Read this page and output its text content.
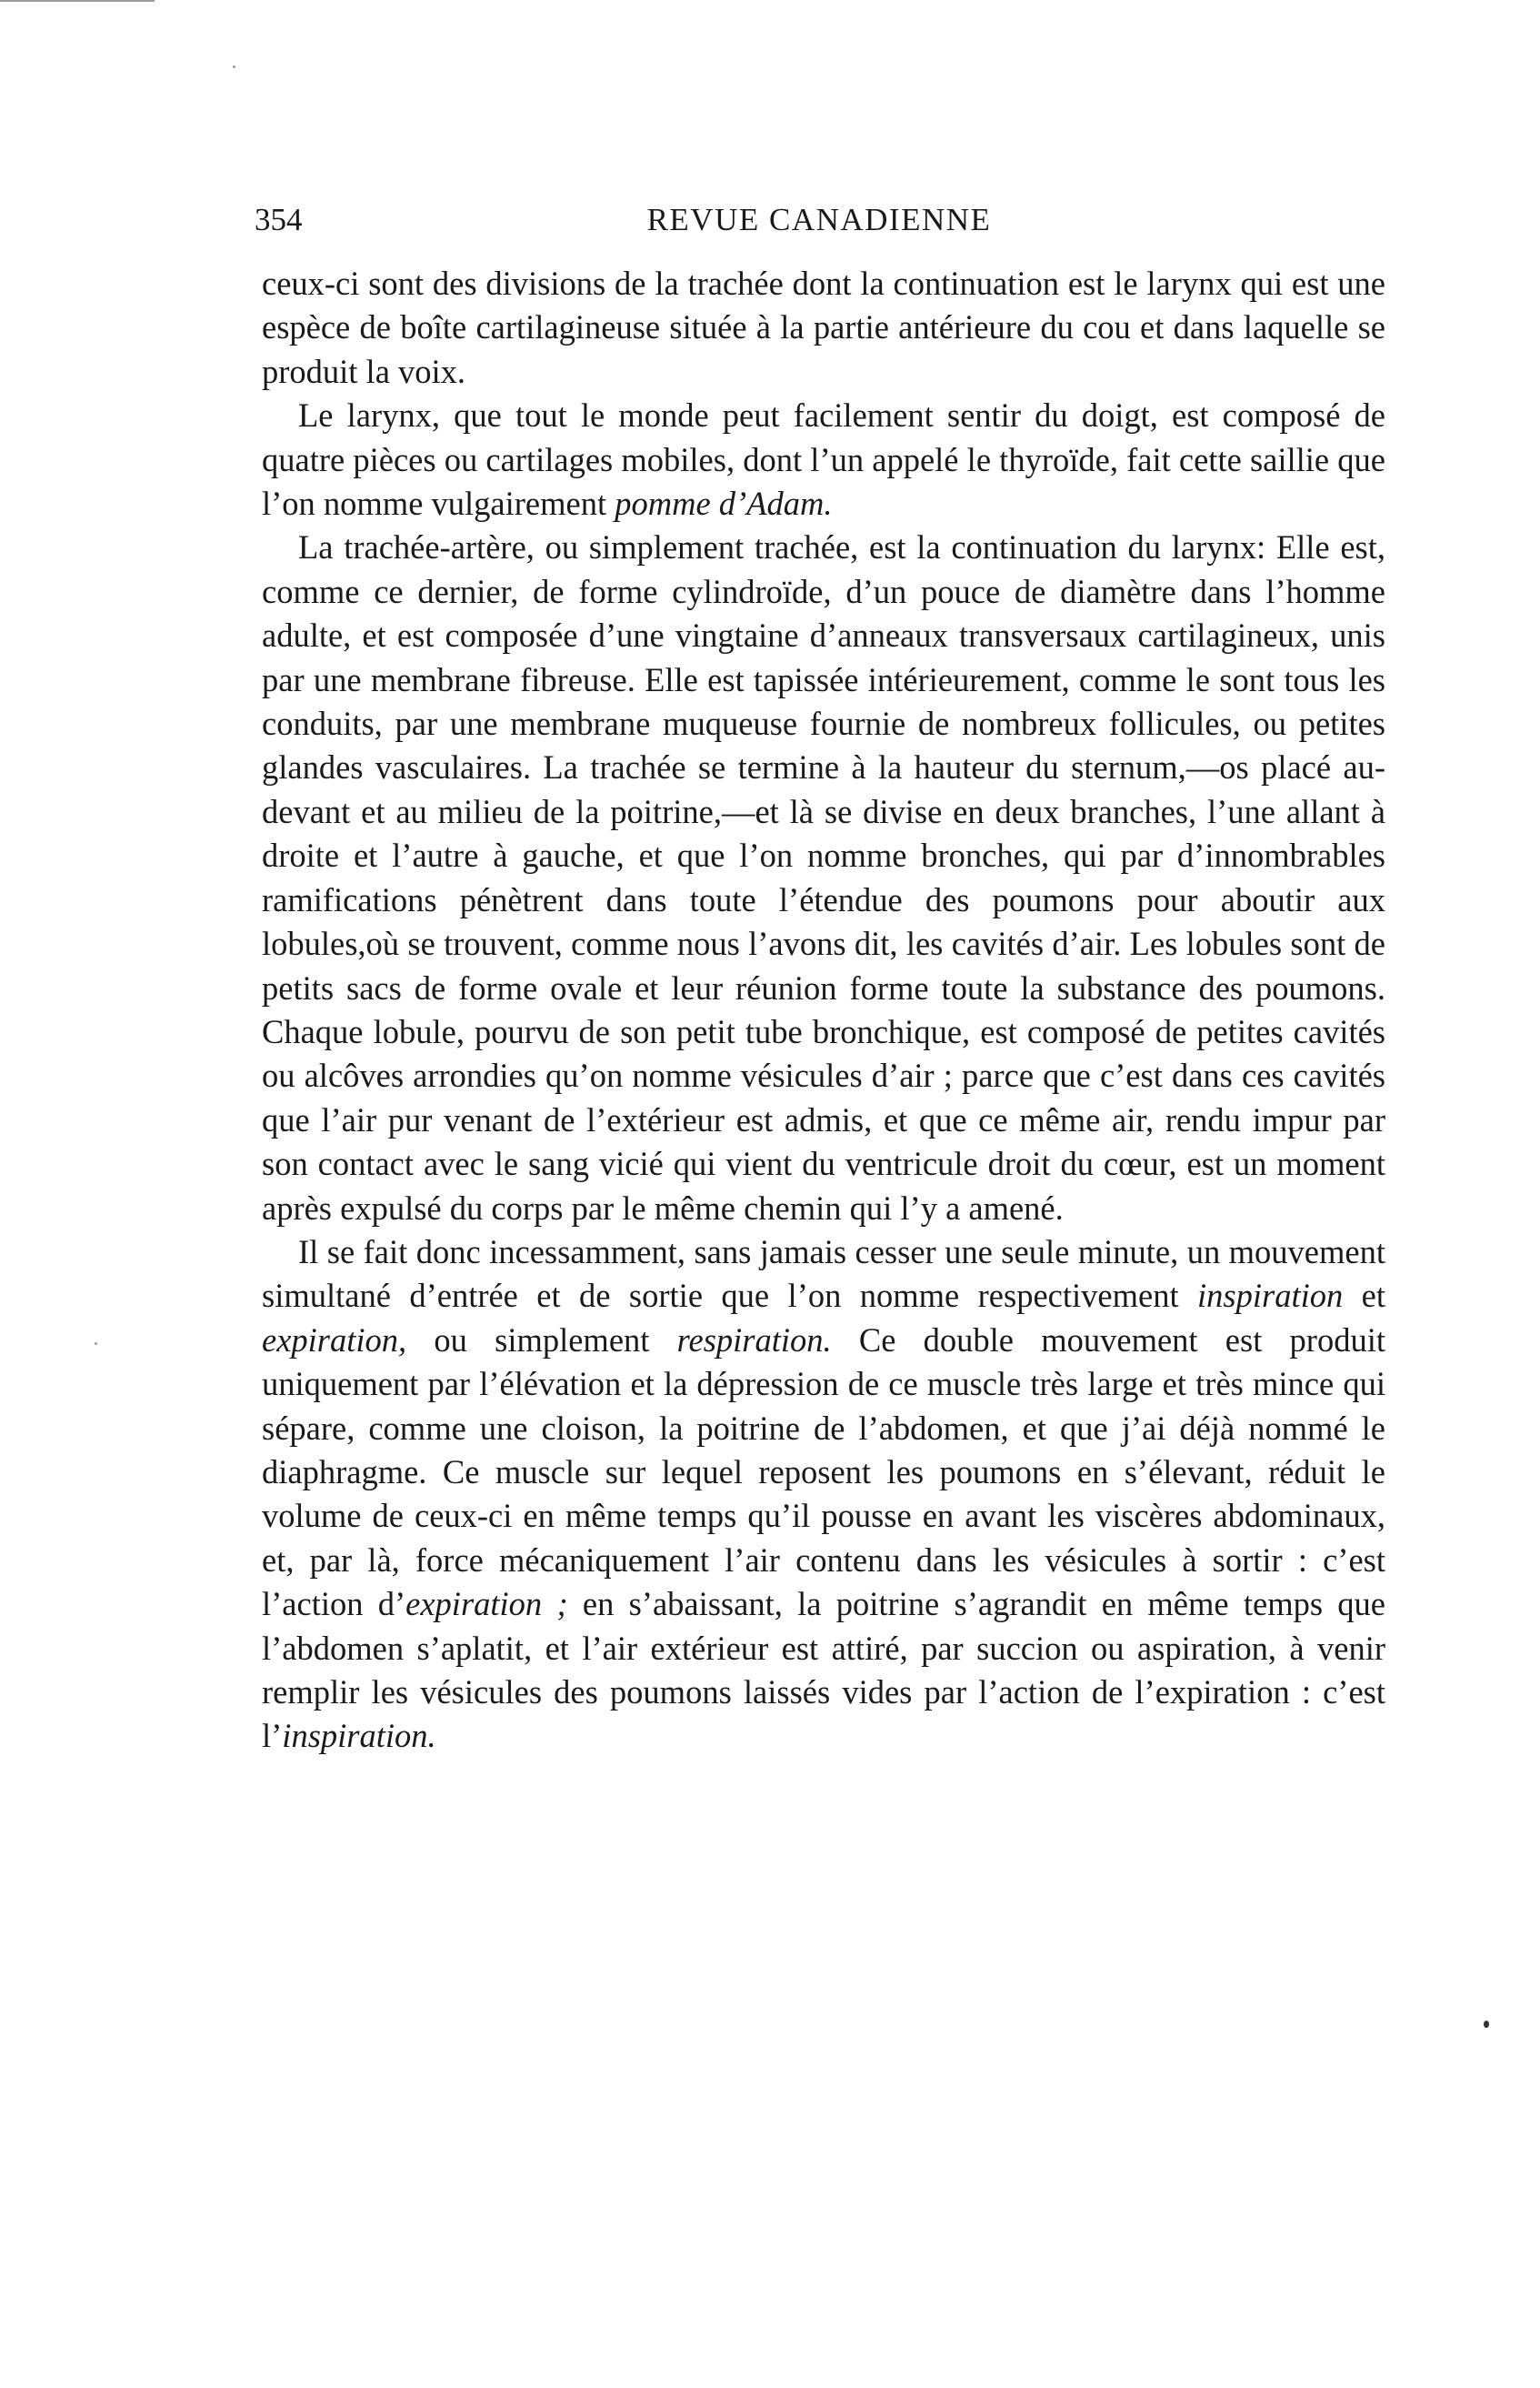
354	REVUE CANADIENNE

ceux-ci sont des divisions de la trachée dont la continuation est le larynx qui est une espèce de boîte cartilagineuse située à la partie antérieure du cou et dans laquelle se produit la voix.

Le larynx, que tout le monde peut facilement sentir du doigt, est composé de quatre pièces ou cartilages mobiles, dont l’un appelé le thyroïde, fait cette saillie que l’on nomme vulgairement pomme d’Adam.

La trachée-artère, ou simplement trachée, est la continuation du larynx: Elle est, comme ce dernier, de forme cylindroïde, d’un pouce de diamètre dans l’homme adulte, et est composée d’une vingtaine d’anneaux transversaux cartilagineux, unis par une membrane fibreuse. Elle est tapissée intérieurement, comme le sont tous les conduits, par une membrane muqueuse fournie de nombreux follicules, ou petites glandes vasculaires. La trachée se termine à la hauteur du sternum,—os placé au-devant et au milieu de la poitrine,—et là se divise en deux branches, l’une allant à droite et l’autre à gauche, et que l’on nomme bronches, qui par d’innombrables ramifications pénètrent dans toute l’étendue des poumons pour aboutir aux lobules,où se trouvent, comme nous l’avons dit, les cavités d’air. Les lobules sont de petits sacs de forme ovale et leur réunion forme toute la substance des poumons. Chaque lobule, pourvu de son petit tube bronchique, est composé de petites cavités ou alcôves arrondies qu’on nomme vésicules d’air ; parce que c’est dans ces cavités que l’air pur venant de l’extérieur est admis, et que ce même air, rendu impur par son contact avec le sang vicié qui vient du ventricule droit du cœur, est un moment après expulsé du corps par le même chemin qui l’y a amené.

Il se fait donc incessamment, sans jamais cesser une seule minute, un mouvement simultané d’entrée et de sortie que l’on nomme respectivement inspiration et expiration, ou simplement respiration. Ce double mouvement est produit uniquement par l’élévation et la dépression de ce muscle très large et très mince qui sépare, comme une cloison, la poitrine de l’abdomen, et que j’ai déjà nommé le diaphragme. Ce muscle sur lequel reposent les poumons en s’élevant, réduit le volume de ceux-ci en même temps qu’il pousse en avant les viscères abdominaux, et, par là, force mécaniquement l’air contenu dans les vésicules à sortir : c’est l’action d’expiration ; en s’abaissant, la poitrine s’agrandit en même temps que l’abdomen s’aplatit, et l’air extérieur est attiré, par succion ou aspiration, à venir remplir les vésicules des poumons laissés vides par l’action de l’expiration : c’est l’inspiration.
